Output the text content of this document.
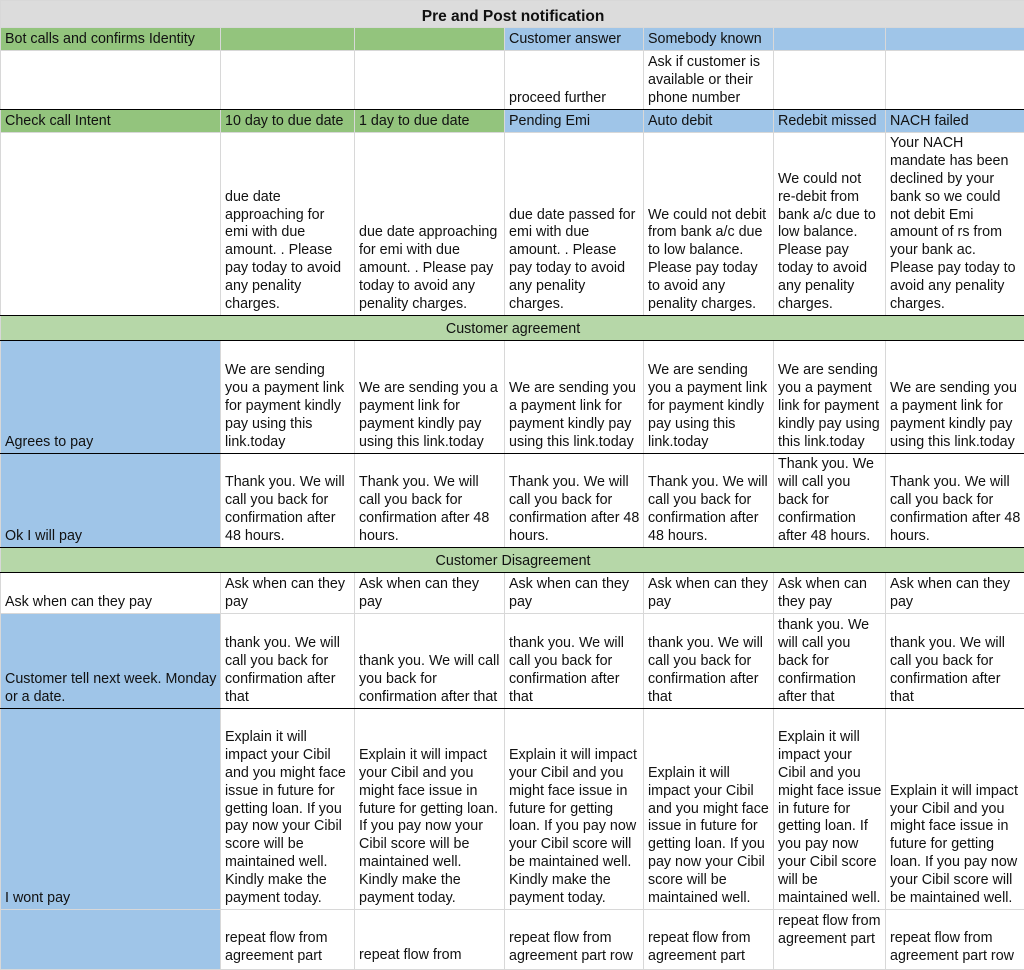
Pre and Post notification						
Bot calls and confirms Identity			Customer answer	Somebody known		
			proceed further	Ask if customer is available or their phone number		
Check call Intent	10 day to due date	1 day to due date	Pending Emi	Auto debit	Redebit missed	NACH failed
	due date approaching for emi with due amount. . Please pay today to avoid any penality charges.	due date approaching for emi with due amount. . Please pay today to avoid any penality charges.	due date passed for emi with due amount. . Please pay today to avoid any penality charges.	We could not debit from bank a/c due to low balance. Please pay today to avoid any penality charges.	We could not re-debit from bank a/c due to low balance. Please pay today to avoid any penality charges.	Your NACH mandate has been declined by your bank so we could not debit Emi amount of rs from your bank ac. Please pay today to avoid any penality charges.
Customer agreement						
Agrees to pay	We are sending you a payment link for payment kindly pay using this link.today	We are sending you a payment link for payment kindly pay using this link.today	We are sending you a payment link for payment kindly pay using this link.today	We are sending you a payment link for payment kindly pay using this link.today	We are sending you a payment link for payment kindly pay using this link.today	We are sending you a payment link for payment kindly pay using this link.today
Ok I will pay	Thank you. We will call you back for confirmation after 48 hours.	Thank you. We will call you back for confirmation after 48 hours.	Thank you. We will call you back for confirmation after 48 hours.	Thank you. We will call you back for confirmation after 48 hours.	Thank you. We will call you back for confirmation after 48 hours.	Thank you. We will call you back for confirmation after 48 hours.
Customer Disagreement						
Ask when can they pay	Ask when can they pay	Ask when can they pay	Ask when can they pay	Ask when can they pay	Ask when can they pay	Ask when can they pay
Customer tell next week. Monday or a date.	thank you. We will call you back for confirmation after that	thank you. We will call you back for confirmation after that	thank you. We will call you back for confirmation after that	thank you. We will call you back for confirmation after that	thank you. We will call you back for confirmation after that	thank you. We will call you back for confirmation after that
I wont pay	Explain it will impact your Cibil and you might face issue in future for getting loan. If you pay now your Cibil score will be maintained well. Kindly make the payment today.	Explain it will impact your Cibil and you might face issue in future for getting loan. If you pay now your Cibil score will be maintained well. Kindly make the payment today.	Explain it will impact your Cibil and you might face issue in future for getting loan. If you pay now your Cibil score will be maintained well. Kindly make the payment today.	Explain it will impact your Cibil and you might face issue in future for getting loan. If you pay now your Cibil score will be maintained well.	Explain it will impact your Cibil and you might face issue in future for getting loan. If you pay now your Cibil score will be maintained well.	Explain it will impact your Cibil and you might face issue in future for getting loan. If you pay now your Cibil score will be maintained well.
	repeat flow from agreement part	repeat flow from	repeat flow from agreement part row	repeat flow from agreement part	repeat flow from agreement part	repeat flow from agreement part row
